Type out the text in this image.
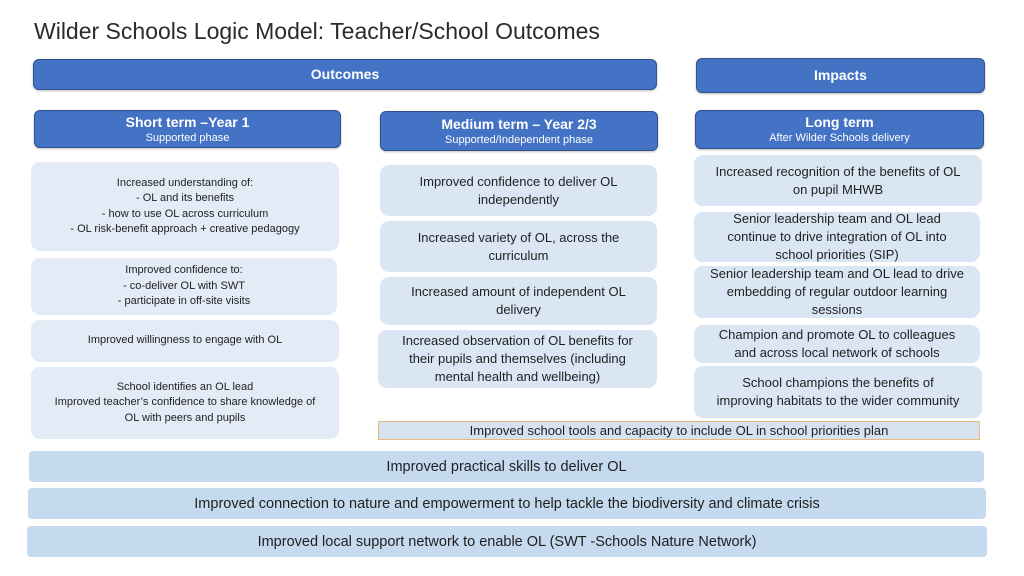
Wilder Schools Logic Model: Teacher/School Outcomes
Outcomes	Impacts
Short term –Year 1
Supported phase
Medium term – Year 2/3
Supported/Independent phase
Long term
After Wilder Schools delivery
Increased understanding of:
- OL and its benefits
- how to use OL across curriculum
- OL risk-benefit approach + creative pedagogy
Improved confidence to:
- co-deliver OL with SWT
- participate in off-site visits
Improved willingness to engage with OL
School identifies an OL lead
Improved teacher’s confidence to share knowledge of
OL with peers and pupils
Improved confidence to deliver OL
independently
Increased variety of OL, across the
curriculum
Increased amount of independent OL
delivery
Increased observation of OL benefits for
their pupils and themselves (including
mental health and wellbeing)
Increased recognition of the benefits of OL
on pupil MHWB
Senior leadership team and OL lead
continue to drive integration of OL into
school priorities (SIP)
Senior leadership team and OL lead to drive
embedding of regular outdoor learning
sessions
Champion and promote OL to colleagues
and across local network of schools
School champions the benefits of
improving habitats to the wider community
Improved school tools and capacity to include OL in school priorities plan
Improved practical skills to deliver OL
Improved connection to nature and empowerment to help tackle the biodiversity and climate crisis
Improved local support network to enable OL (SWT -Schools Nature Network)
